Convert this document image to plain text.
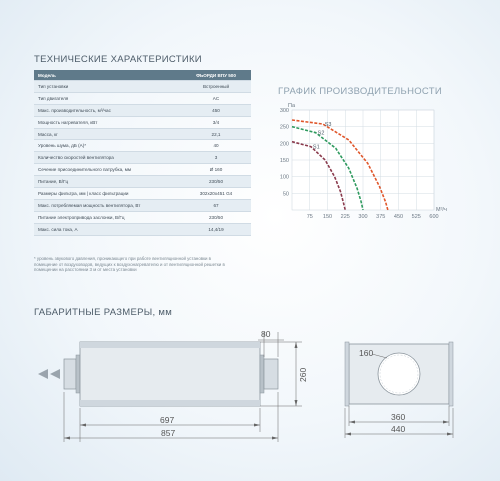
ТЕХНИЧЕСКИЕ ХАРАКТЕРИСТИКИ
Модель	ФЬОРДИ ВПУ 500
Тип установки	Встроенный
Тип двигателя	AC
Макс. производительность, м³/час	450
Мощность нагревателя, кВт	3/4
Масса, кг	22,1
Уровень шума, дБ (А)*	40
Количество скоростей вентилятора	3
Сечение присоединительного патрубка, мм	Ø 160
Питание, В/Гц	230/50
Размеры фильтра, мм | класс фильтрации	302х20х451 G4
Макс. потребляемая мощность вентилятора, Вт	67
Питание электропривода заслонки, В/Гц	230/50
Макс. сила тока, А	14,4/19
* уровень звукового давления, проникающего при работе вентиляционной установки в помещение от воздуховодов, ведущих к воздухонагревателю и от вентиляционной решетки в помещении на расстоянии 3 м от места установки
ГРАФИК ПРОИЗВОДИТЕЛЬНОСТИ
50
100
150
200
250
300
75 150 225 300 375 450 525 600
Па
М³/ч
S1
S2
S3
ГАБАРИТНЫЕ РАЗМЕРЫ, мм
80
260
697
857
160
360
440
